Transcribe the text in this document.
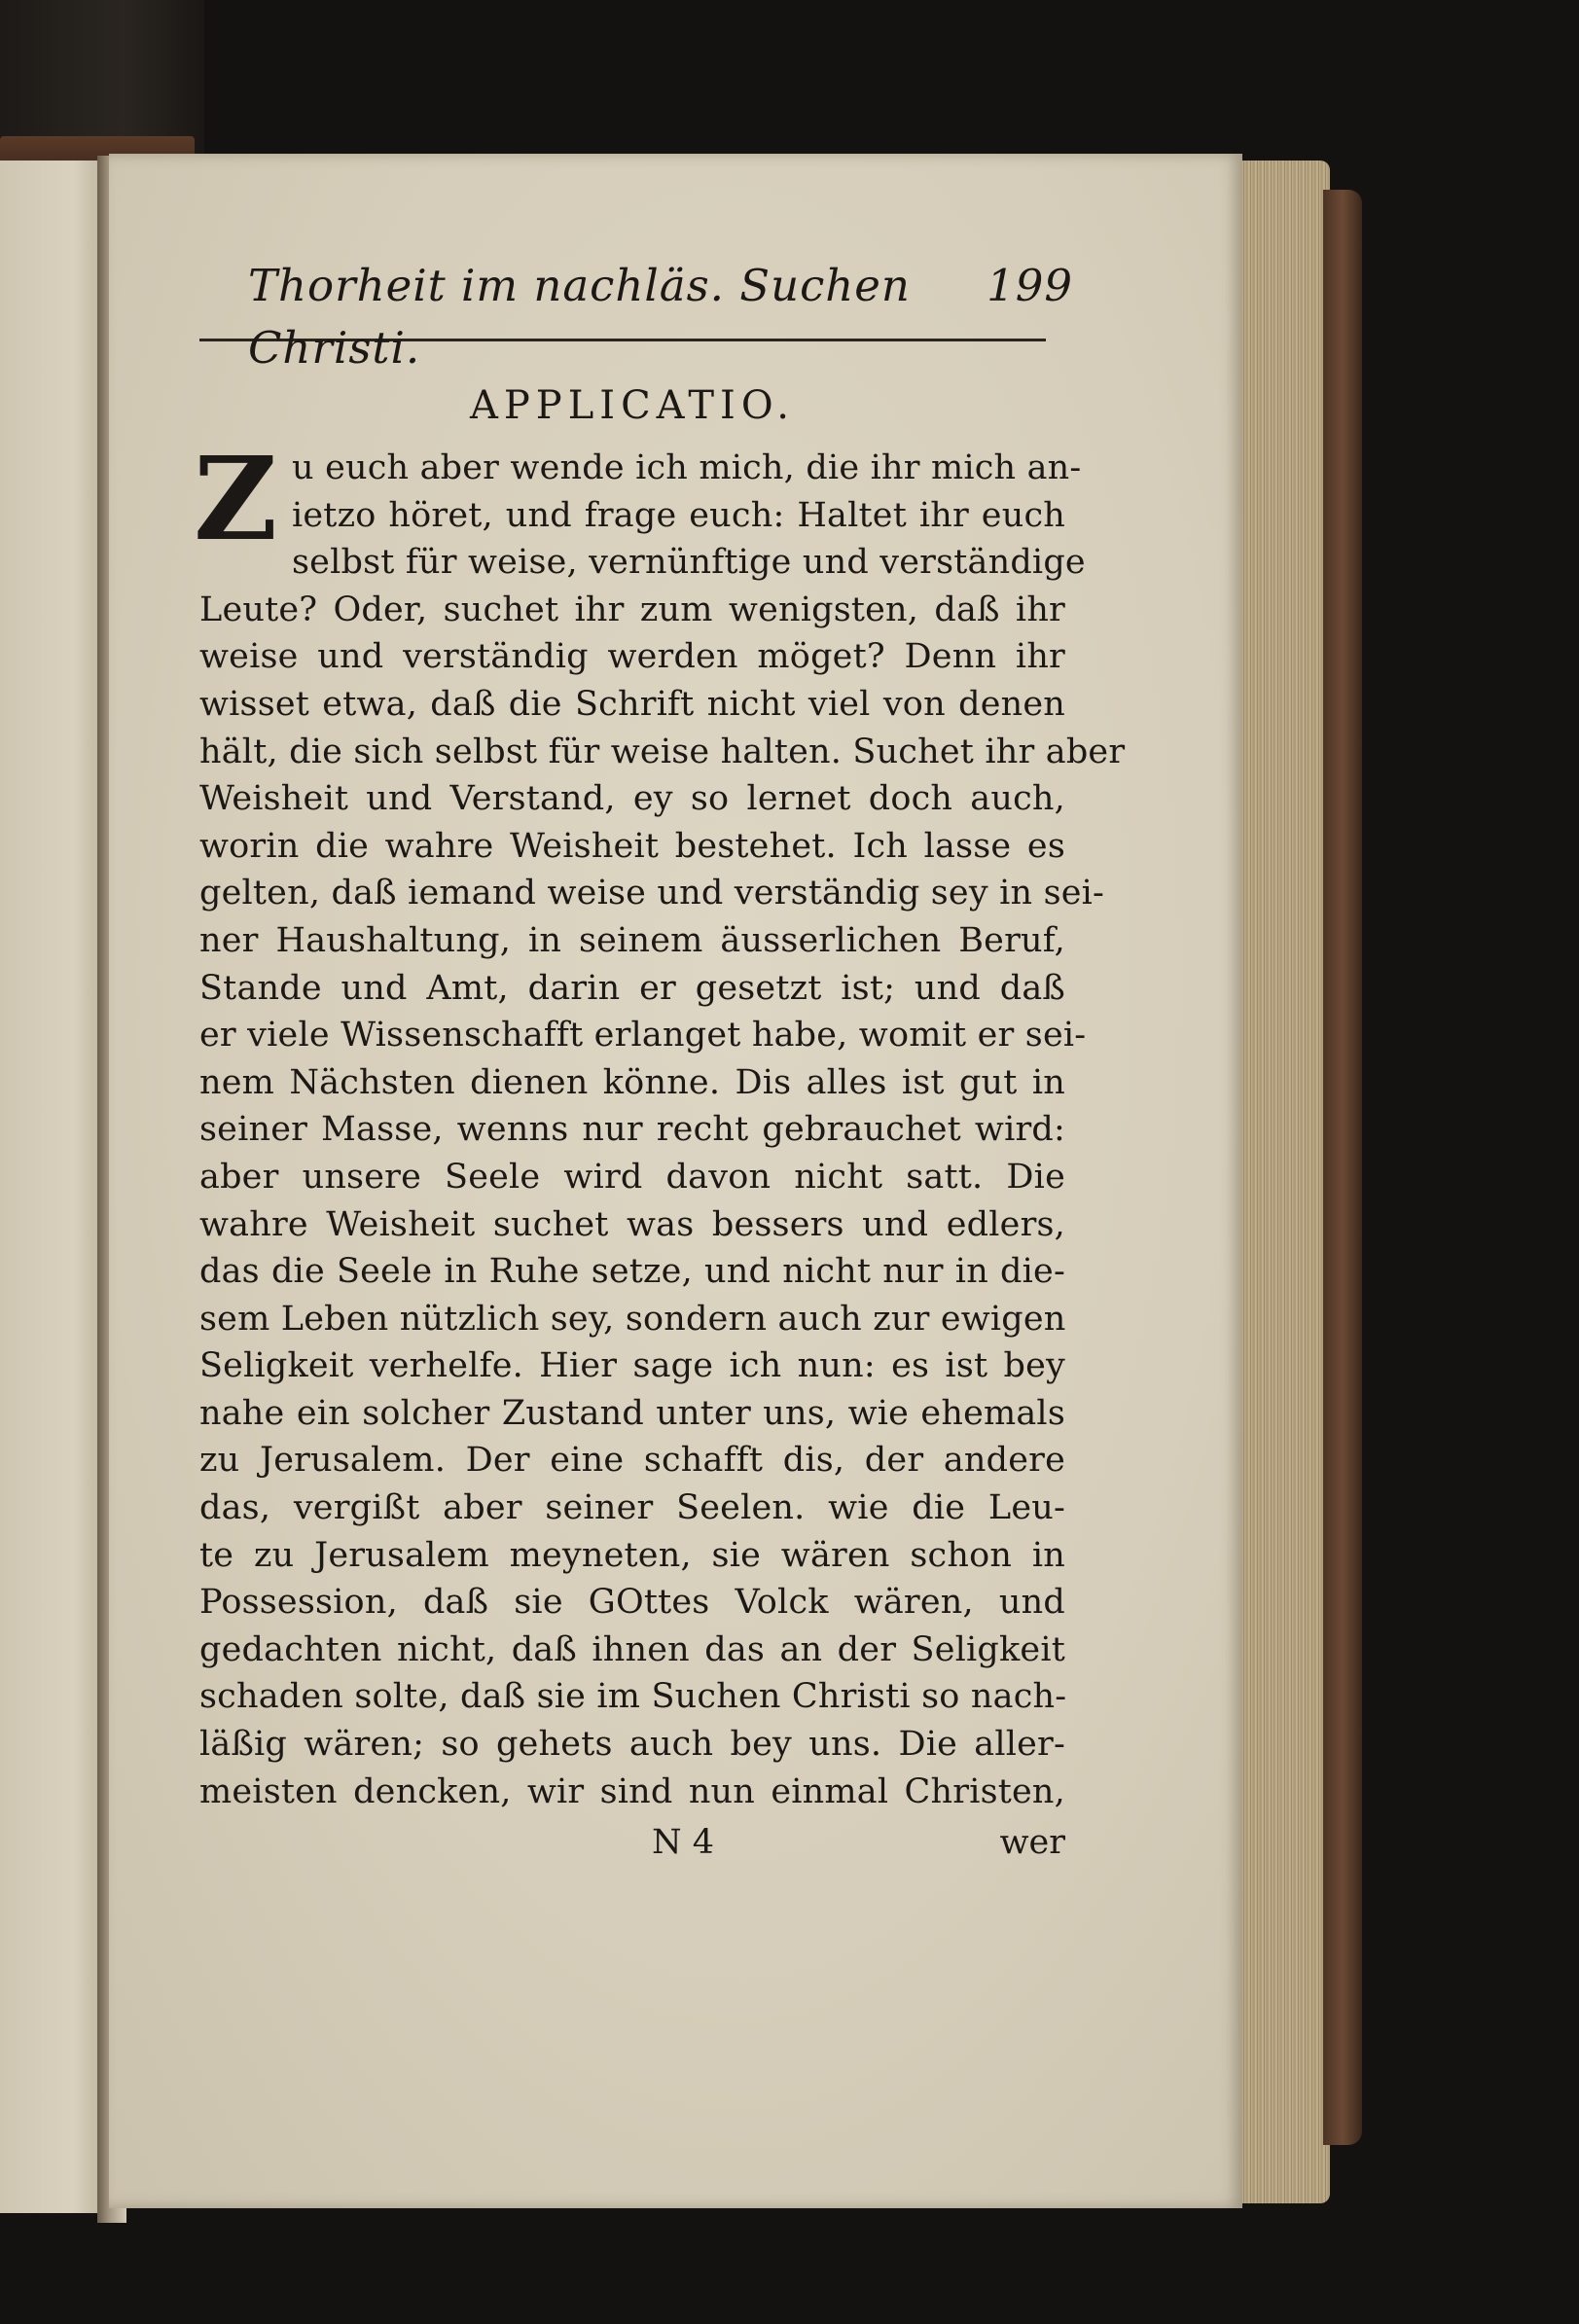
Thorheit im nachläs. Suchen Christi.
199
APPLICATIO.
Z u euch aber wende ich mich, die ihr mich an-
ietzo höret, und frage euch: Haltet ihr euch
selbst für weise, vernünftige und verständige
Leute? Oder, suchet ihr zum wenigsten, daß ihr
weise und verständig werden möget? Denn ihr
wisset etwa, daß die Schrift nicht viel von denen
hält, die sich selbst für weise halten. Suchet ihr aber
Weisheit und Verstand, ey so lernet doch auch,
worin die wahre Weisheit bestehet. Ich lasse es
gelten, daß iemand weise und verständig sey in sei-
ner Haushaltung, in seinem äusserlichen Beruf,
Stande und Amt, darin er gesetzt ist; und daß
er viele Wissenschafft erlanget habe, womit er sei-
nem Nächsten dienen könne. Dis alles ist gut in
seiner Masse, wenns nur recht gebrauchet wird:
aber unsere Seele wird davon nicht satt. Die
wahre Weisheit suchet was bessers und edlers,
das die Seele in Ruhe setze, und nicht nur in die-
sem Leben nützlich sey, sondern auch zur ewigen
Seligkeit verhelfe. Hier sage ich nun: es ist bey
nahe ein solcher Zustand unter uns, wie ehemals
zu Jerusalem. Der eine schafft dis, der andere
das, vergißt aber seiner Seelen. wie die Leu-
te zu Jerusalem meyneten, sie wären schon in
Possession, daß sie GOttes Volck wären, und
gedachten nicht, daß ihnen das an der Seligkeit
schaden solte, daß sie im Suchen Christi so nach-
läßig wären; so gehets auch bey uns. Die aller-
meisten dencken, wir sind nun einmal Christen,
N 4	wer
